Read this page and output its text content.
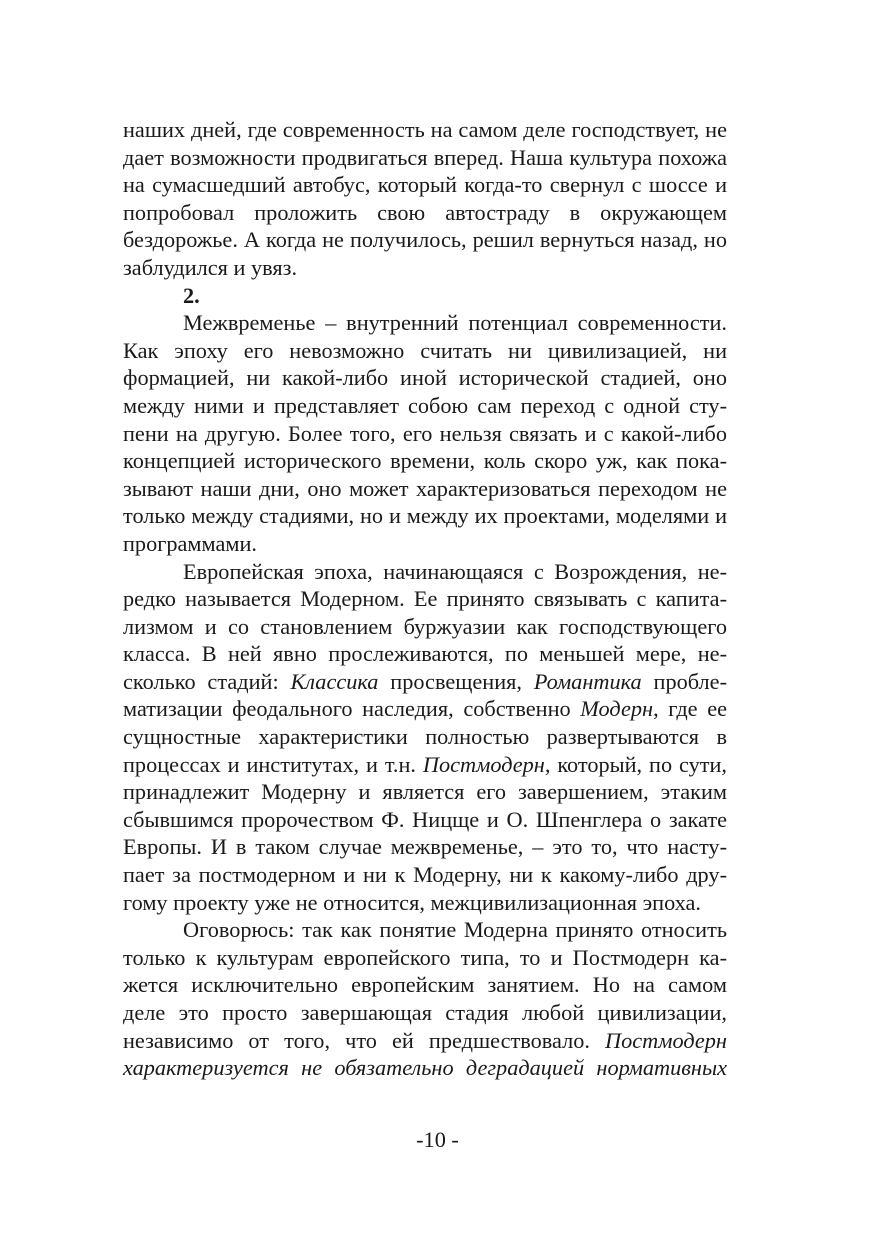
наших дней, где современность на самом деле господствует, не дает возможности продвигаться вперед. Наша культура похожа на сумасшедший автобус, который когда-то свернул с шоссе и попробовал проложить свою автостраду в окружающем бездорожье. А когда не получилось, решил вернуться назад, но заблудился и увяз.

2.

Межвременье – внутренний потенциал современности. Как эпоху его невозможно считать ни цивилизацией, ни формацией, ни какой-либо иной исторической стадией, оно между ними и представляет собою сам переход с одной ступени на другую. Более того, его нельзя связать и с какой-либо концепцией исторического времени, коль скоро уж, как показывают наши дни, оно может характеризоваться переходом не только между стадиями, но и между их проектами, моделями и программами.

Европейская эпоха, начинающаяся с Возрождения, нередко называется Модерном. Ее принято связывать с капитализмом и со становлением буржуазии как господствующего класса. В ней явно прослеживаются, по меньшей мере, несколько стадий: Классика просвещения, Романтика проблематизации феодального наследия, собственно Модерн, где ее сущностные характеристики полностью развертываются в процессах и институтах, и т.н. Постмодерн, который, по сути, принадлежит Модерну и является его завершением, этаким сбывшимся пророчеством Ф. Ницще и О. Шпенглера о закате Европы. И в таком случае межвременье, – это то, что наступает за постмодерном и ни к Модерну, ни к какому-либо другому проекту уже не относится, межцивилизационная эпоха.

Оговорюсь: так как понятие Модерна принято относить только к культурам европейского типа, то и Постмодерн кажется исключительно европейским занятием. Но на самом деле это просто завершающая стадия любой цивилизации, независимо от того, что ей предшествовало. Постмодерн характеризуется не обязательно деградацией нормативных

-10 -
